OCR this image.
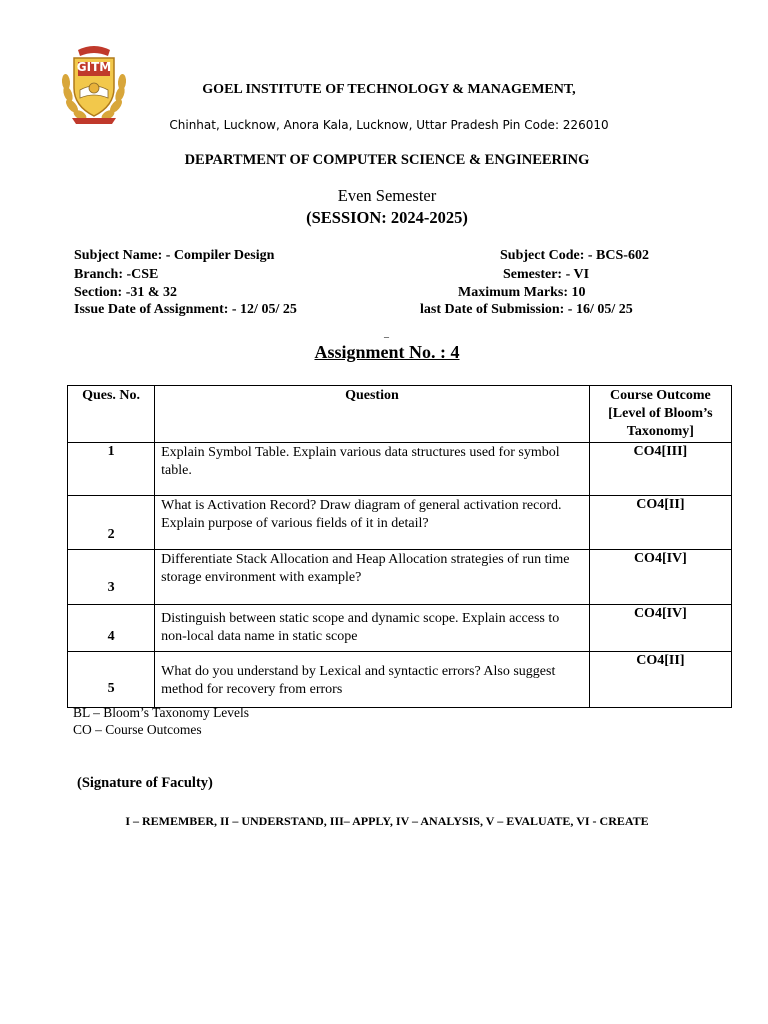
GITM
GOEL INSTITUTE OF TECHNOLOGY & MANAGEMENT,
Chinhat, Lucknow, Anora Kala, Lucknow, Uttar Pradesh Pin Code: 226010
DEPARTMENT OF COMPUTER SCIENCE & ENGINEERING
Even Semester
(SESSION: 2024-2025)
Subject Name: - Compiler Design	Subject Code: - BCS-602
Branch: -CSE	Semester: - VI
Section: -31 & 32	Maximum Marks: 10
Issue Date of Assignment: - 12/ 05/ 25	last Date of Submission: - 16/ 05/ 25
_
Assignment No. : 4
Ques. No.	Question	Course Outcome
[Level of Bloom’s
Taxonomy]

1	Explain Symbol Table. Explain various data structures used for symbol table.	CO4[III]
2	What is Activation Record? Draw diagram of general activation record. Explain purpose of various fields of it in detail?	CO4[II]
3	Differentiate Stack Allocation and Heap Allocation strategies of run time storage environment with example?	CO4[IV]
4	Distinguish between static scope and dynamic scope. Explain access to non-local data name in static scope	CO4[IV]
5	What do you understand by Lexical and syntactic errors? Also suggest method for recovery from errors	CO4[II]
BL – Bloom’s Taxonomy Levels
CO – Course Outcomes
(Signature of Faculty)
I – REMEMBER, II – UNDERSTAND, III– APPLY, IV – ANALYSIS, V – EVALUATE, VI - CREATE
